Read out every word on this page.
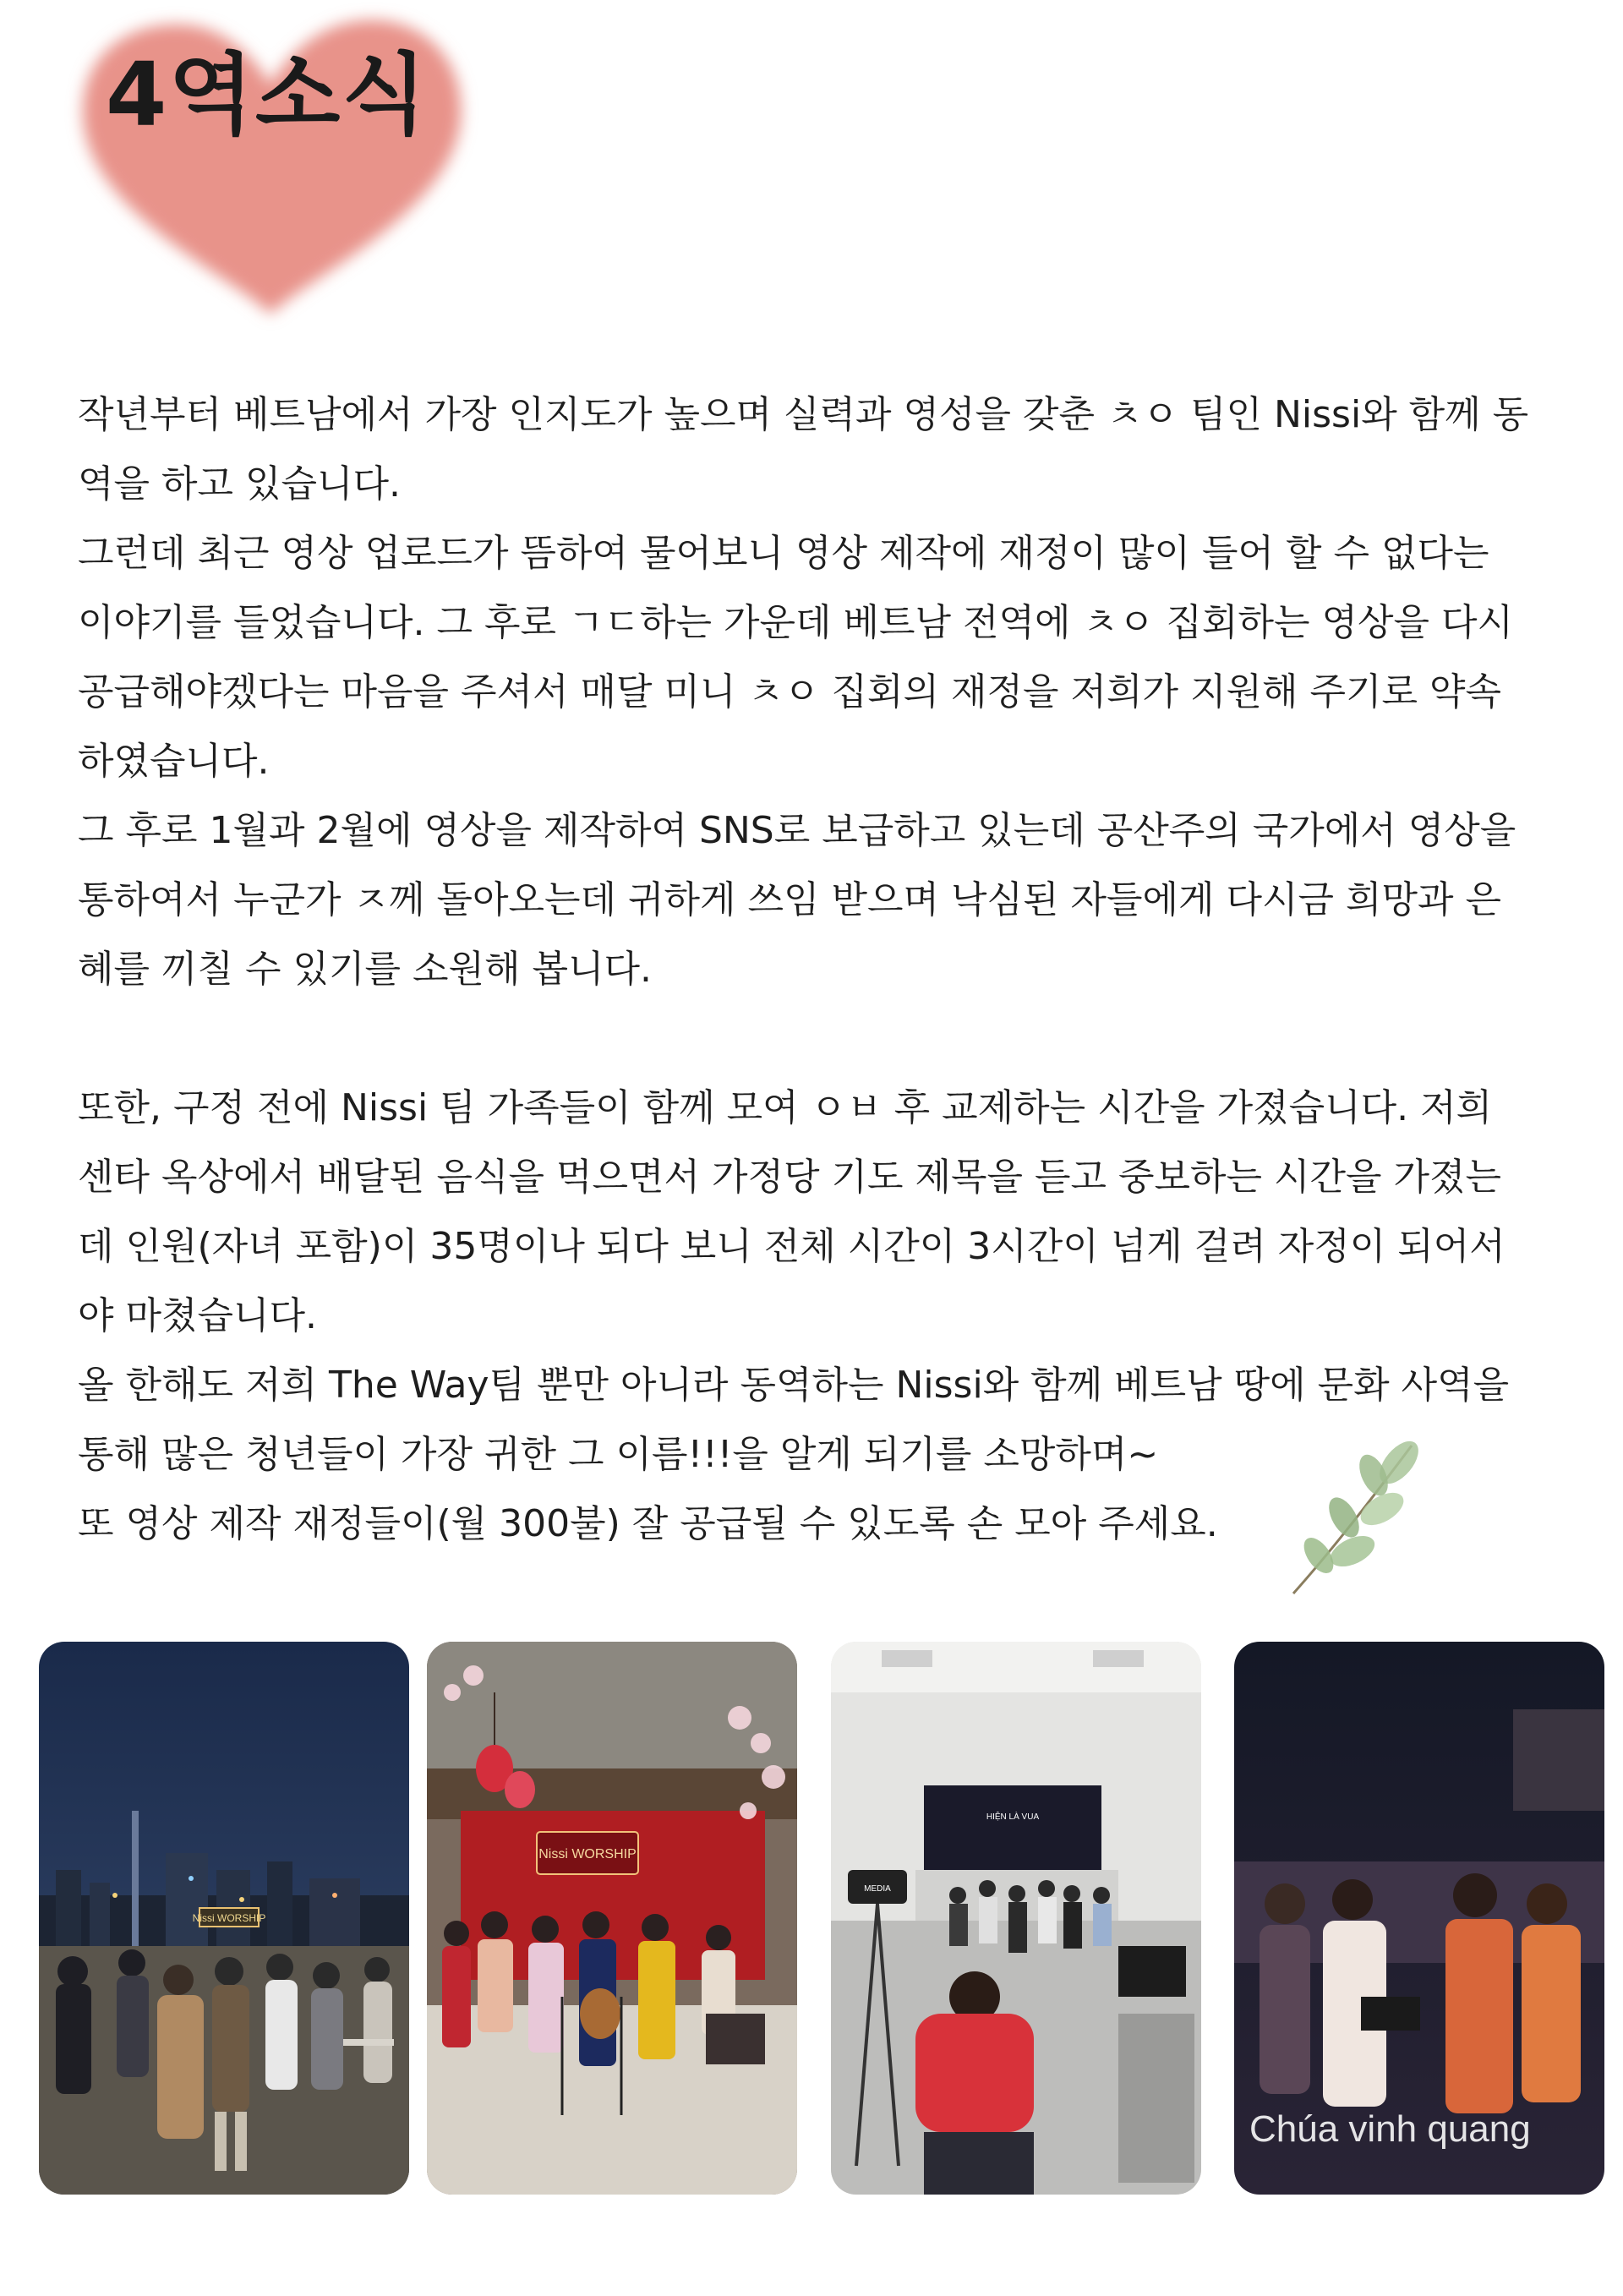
4역소식

작년부터 베트남에서 가장 인지도가 높으며 실력과 영성을 갖춘 ㅊㅇ 팀인 Nissi와 함께 동역을 하고 있습니다.

그런데 최근 영상 업로드가 뜸하여 물어보니 영상 제작에 재정이 많이 들어 할 수 없다는 이야기를 들었습니다. 그 후로 ㄱㄷ하는 가운데 베트남 전역에 ㅊㅇ 집회하는 영상을 다시 공급해야겠다는 마음을 주셔서 매달 미니 ㅊㅇ 집회의 재정을 저희가 지원해 주기로 약속하였습니다.

그 후로 1월과 2월에 영상을 제작하여 SNS로 보급하고 있는데 공산주의 국가에서 영상을 통하여서 누군가 ㅈ께 돌아오는데 귀하게 쓰임 받으며 낙심된 자들에게 다시금 희망과 은혜를 끼칠 수 있기를 소원해 봅니다.

또한, 구정 전에 Nissi 팀 가족들이 함께 모여 ㅇㅂ 후 교제하는 시간을 가졌습니다. 저희 센타 옥상에서 배달된 음식을 먹으면서 가정당 기도 제목을 듣고 중보하는 시간을 가졌는데 인원(자녀 포함)이 35명이나 되다 보니 전체 시간이 3시간이 넘게 걸려 자정이 되어서야 마쳤습니다.

올 한해도 저희 The Way팀 뿐만 아니라 동역하는 Nissi와 함께 베트남 땅에 문화 사역을 통해 많은 청년들이 가장 귀한 그 이름!!!을 알게 되기를 소망하며~

또 영상 제작 재정들이(월 300불) 잘 공급될 수 있도록 손 모아 주세요.

Nissi WORSHIP
Nissi WORSHIP
HIỆN LÀ VUA
MEDIA
Chúa vinh quang
